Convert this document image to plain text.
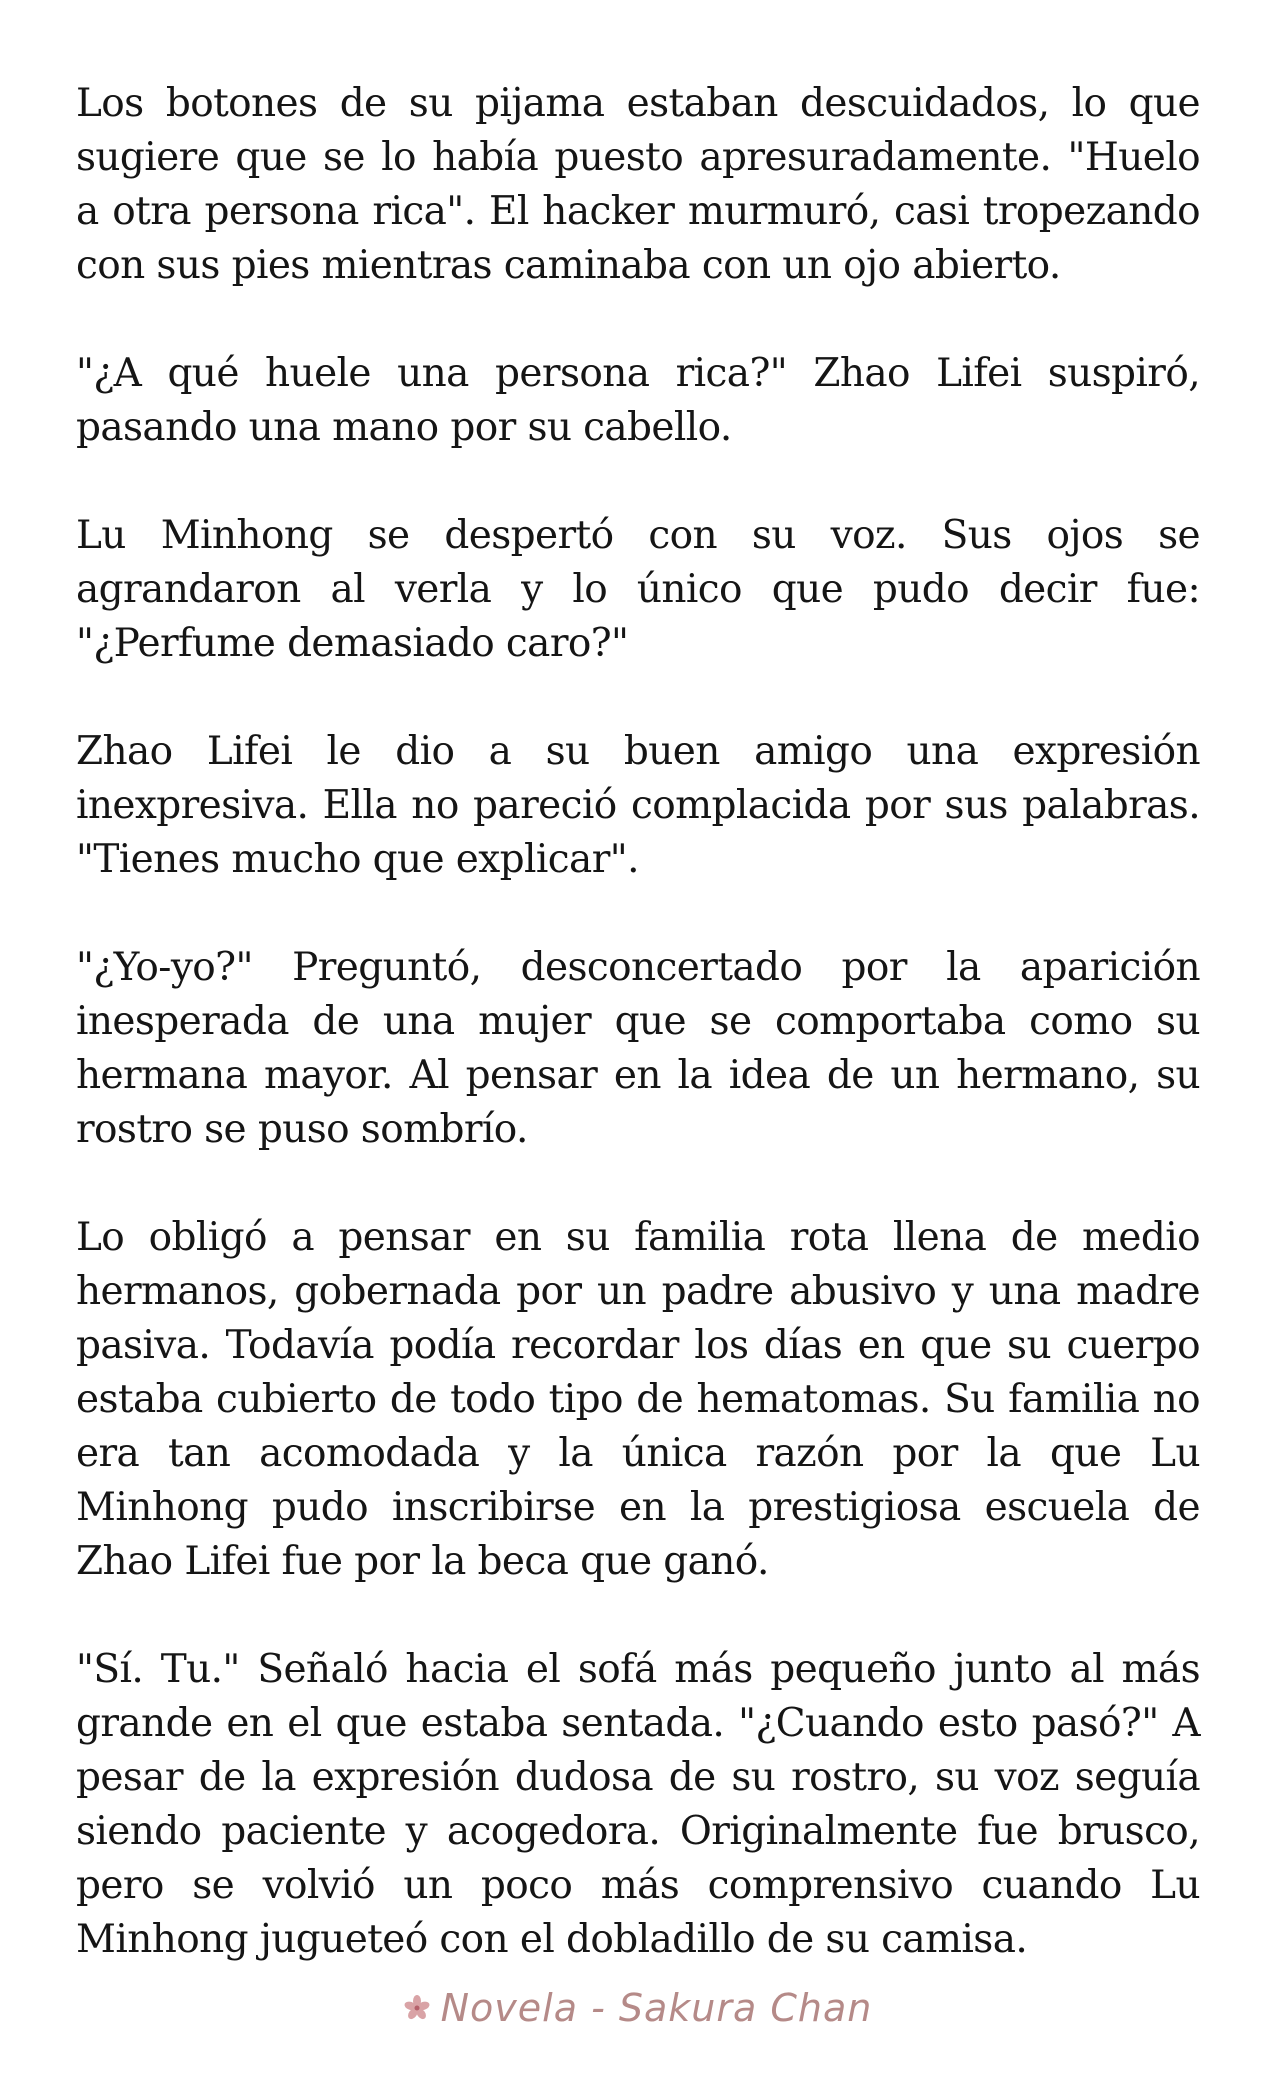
Los botones de su pijama estaban descuidados, lo que sugiere que se lo había puesto apresuradamente. "Huelo a otra persona rica". El hacker murmuró, casi tropezando con sus pies mientras caminaba con un ojo abierto.

"¿A qué huele una persona rica?" Zhao Lifei suspiró, pasando una mano por su cabello.

Lu Minhong se despertó con su voz. Sus ojos se agrandaron al verla y lo único que pudo decir fue: "¿Perfume demasiado caro?"

Zhao Lifei le dio a su buen amigo una expresión inexpresiva. Ella no pareció complacida por sus palabras. "Tienes mucho que explicar".

"¿Yo-yo?" Preguntó, desconcertado por la aparición inesperada de una mujer que se comportaba como su hermana mayor. Al pensar en la idea de un hermano, su rostro se puso sombrío.

Lo obligó a pensar en su familia rota llena de medio hermanos, gobernada por un padre abusivo y una madre pasiva. Todavía podía recordar los días en que su cuerpo estaba cubierto de todo tipo de hematomas. Su familia no era tan acomodada y la única razón por la que Lu Minhong pudo inscribirse en la prestigiosa escuela de Zhao Lifei fue por la beca que ganó.

"Sí. Tu." Señaló hacia el sofá más pequeño junto al más grande en el que estaba sentada. "¿Cuando esto pasó?" A pesar de la expresión dudosa de su rostro, su voz seguía siendo paciente y acogedora. Originalmente fue brusco, pero se volvió un poco más comprensivo cuando Lu Minhong jugueteó con el dobladillo de su camisa.

Novela - Sakura Chan
